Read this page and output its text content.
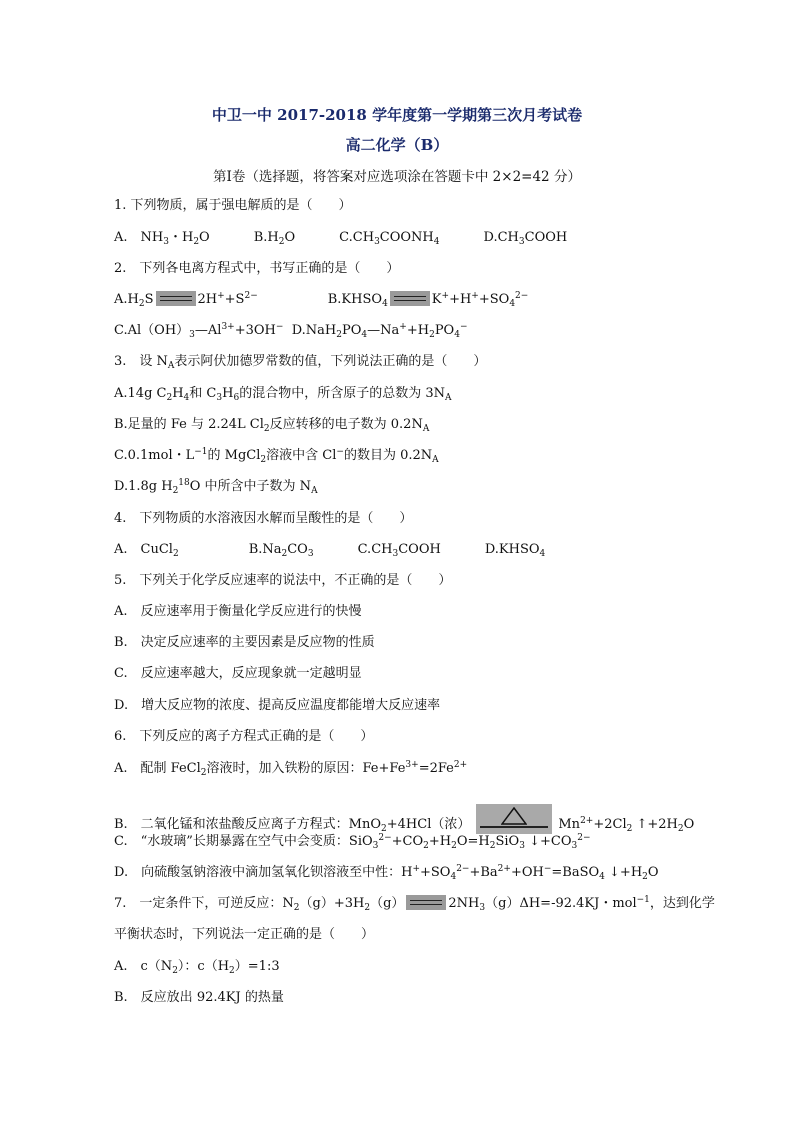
中卫一中 2017-2018 学年度第一学期第三次月考试卷
高二化学（B）
第Ⅰ卷（选择题，将答案对应选项涂在答题卡中 2×2=42 分）
1. 下列物质，属于强电解质的是（　　）
A.　$NH_3$・$H_2O$	$B.H_2O$	$C.CH_3COONH_4$	$D.CH_3COOH$
2.　下列各电离方程式中，书写正确的是（　　）
$A.H_2S$	$2H^++S^{2-}$	$B.KHSO_4$	$K^++H^++SO_4^{2-}$
$C.Al(OH)_3—Al^{3+}+3OH^-$ $D.NaH_2PO_4—Na^++H_2PO_4^-$
3.　设 $N_A$表示阿伏加德罗常数的值，下列说法正确的是（　　）
A.14g $C_2H_4$和 $C_3H_6$的混合物中，所含原子的总数为 $3N_A$
B.足量的 Fe 与 2.24L $Cl_2$反应转移的电子数为 $0.2N_A$
C.0.1mol・$L^{-1}$的 MgCl$_2$溶液中含 Cl−的数目为 $0.2N_A$
D.1.8g $H_2^{18}O$ 中所含中子数为 $N_A$
4.　下列物质的水溶液因水解而呈酸性的是（　　）
A.　CuCl$_2$	$B.Na_2CO_3$	$C.CH_3COOH$	$D.KHSO_4$
5.　下列关于化学反应速率的说法中，不正确的是（　　）
A.　反应速率用于衡量化学反应进行的快慢
B.　决定反应速率的主要因素是反应物的性质
C.　反应速率越大，反应现象就一定越明显
D.　增大反应物的浓度、提高反应温度都能增大反应速率
6.　下列反应的离子方程式正确的是（　　）
A.　配制 FeCl$_2$溶液时，加入铁粉的原因：$Fe+Fe^{3+}=2Fe^{2+}$
B.　二氧化锰和浓盐酸反应离子方程式：MnO$_2$+4HCl（浓）	$Mn^{2+}+2Cl_2$ $↑+2H_2O$
C.　“水玻璃”长期暴露在空气中会变质：$SiO_3^{2-}+CO_2+H_2O=H_2SiO_3$ $↓+CO_3^{2-}$
D.　向硫酸氢钠溶液中滴加氢氧化钡溶液至中性：$H^++SO_4^{2-}+Ba^{2+}+OH^-=BaSO_4$ $↓+H_2O$
7.　一定条件下，可逆反应：$N_2(g)+3H_2(g)$	$2NH_3(g)\Delta H=-92.4KJ$・mol$^{-1}$，达到化学
平衡状态时，下列说法一定正确的是（　　）
A.　$c(N_2)$：$c(H_2)=1:3$
B.　反应放出 92.4KJ 的热量
